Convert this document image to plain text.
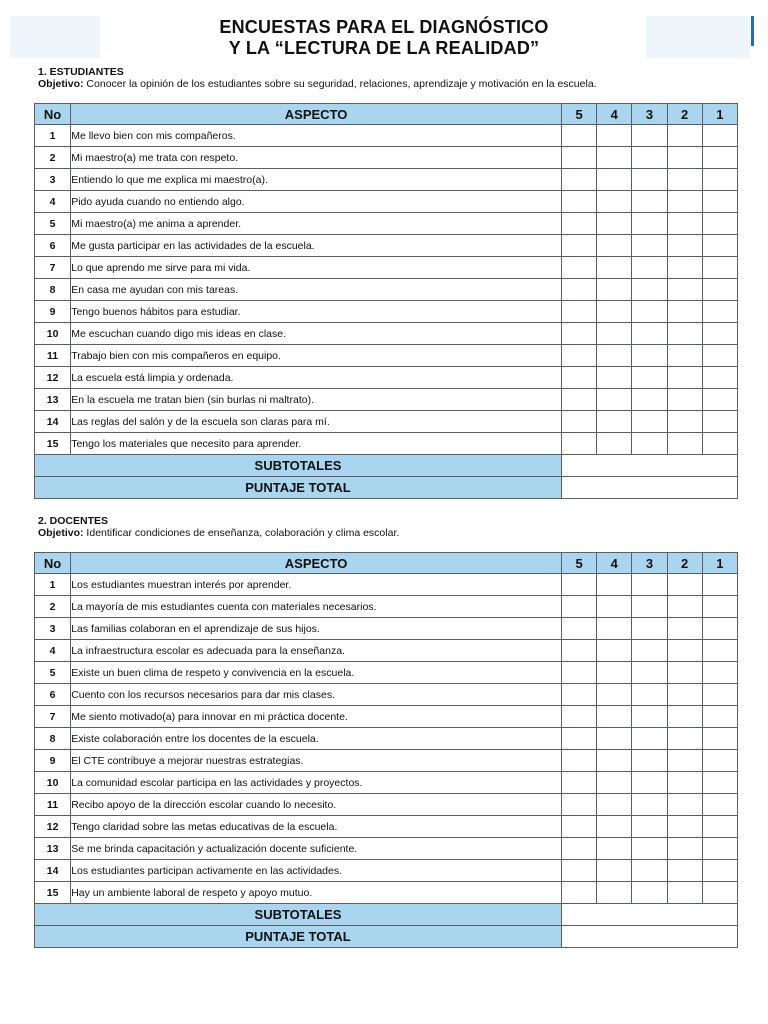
ENCUESTAS PARA EL DIAGNÓSTICO
Y LA “LECTURA DE LA REALIDAD”
1. ESTUDIANTES
Objetivo: Conocer la opinión de los estudiantes sobre su seguridad, relaciones, aprendizaje y motivación en la escuela.
No	ASPECTO	5	4	3	2	1
1	Me llevo bien con mis compañeros.					
2	Mi maestro(a) me trata con respeto.					
3	Entiendo lo que me explica mi maestro(a).					
4	Pido ayuda cuando no entiendo algo.					
5	Mi maestro(a) me anima a aprender.					
6	Me gusta participar en las actividades de la escuela.					
7	Lo que aprendo me sirve para mi vida.					
8	En casa me ayudan con mis tareas.					
9	Tengo buenos hábitos para estudiar.					
10	Me escuchan cuando digo mis ideas en clase.					
11	Trabajo bien con mis compañeros en equipo.					
12	La escuela está limpia y ordenada.					
13	En la escuela me tratan bien (sin burlas ni maltrato).					
14	Las reglas del salón y de la escuela son claras para mí.					
15	Tengo los materiales que necesito para aprender.					
SUBTOTALES						
PUNTAJE TOTAL						
2. DOCENTES
Objetivo: Identificar condiciones de enseñanza, colaboración y clima escolar.
No	ASPECTO	5	4	3	2	1
1	Los estudiantes muestran interés por aprender.					
2	La mayoría de mis estudiantes cuenta con materiales necesarios.					
3	Las familias colaboran en el aprendizaje de sus hijos.					
4	La infraestructura escolar es adecuada para la enseñanza.					
5	Existe un buen clima de respeto y convivencia en la escuela.					
6	Cuento con los recursos necesarios para dar mis clases.					
7	Me siento motivado(a) para innovar en mi práctica docente.					
8	Existe colaboración entre los docentes de la escuela.					
9	El CTE contribuye a mejorar nuestras estrategias.					
10	La comunidad escolar participa en las actividades y proyectos.					
11	Recibo apoyo de la dirección escolar cuando lo necesito.					
12	Tengo claridad sobre las metas educativas de la escuela.					
13	Se me brinda capacitación y actualización docente suficiente.					
14	Los estudiantes participan activamente en las actividades.					
15	Hay un ambiente laboral de respeto y apoyo mutuo.					
SUBTOTALES						
PUNTAJE TOTAL						
